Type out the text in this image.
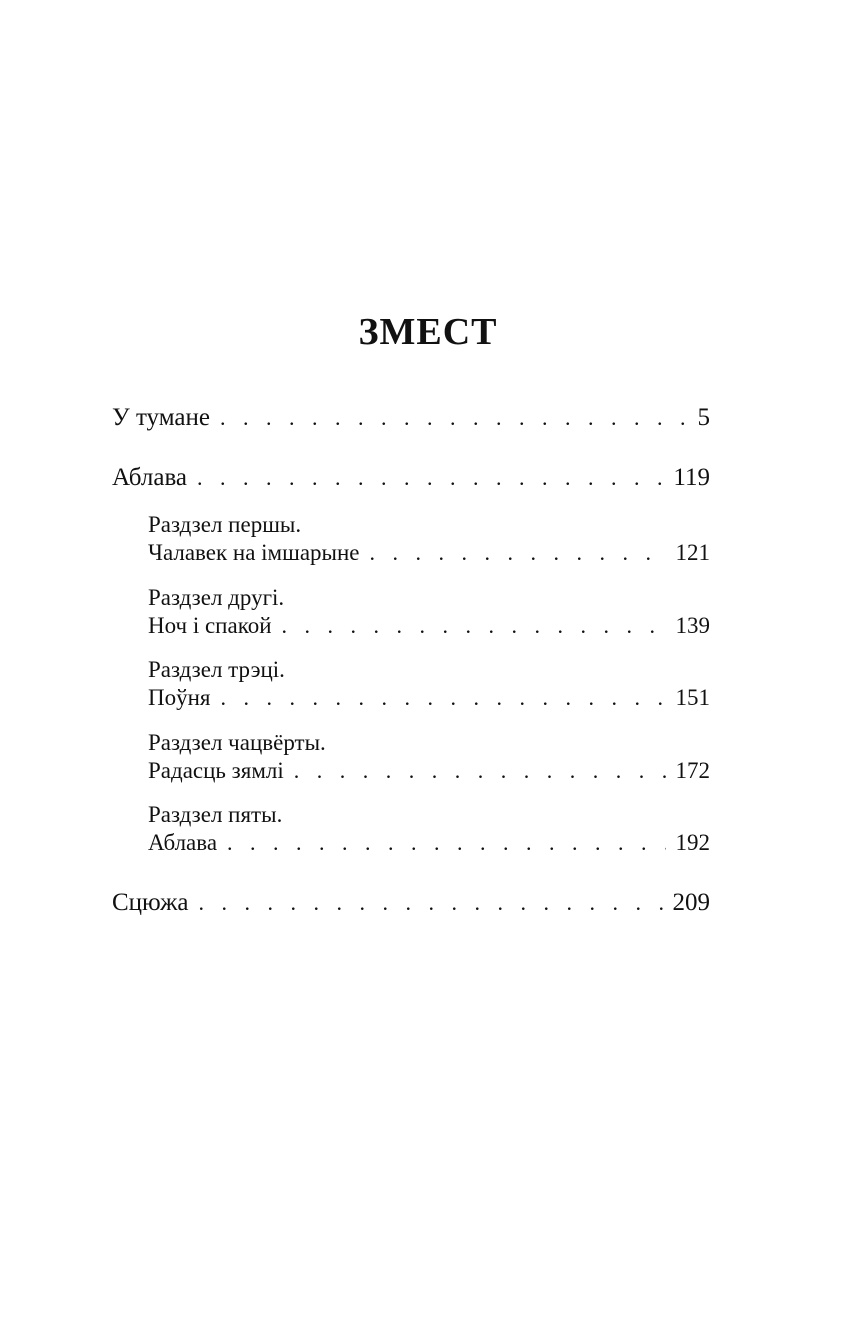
ЗМЕСТ
У тумане . . .	5
Аблава . . .	119
Раздзел першы.
Чалавек на імшарыне . . .	121
Раздзел другі.
Ноч і спакой . . .	139
Раздзел трэці.
Поўня . . .	151
Раздзел чацвёрты.
Радасць зямлі . . .	172
Раздзел пяты.
Аблава . . .	192
Сцюжа . . .	209
